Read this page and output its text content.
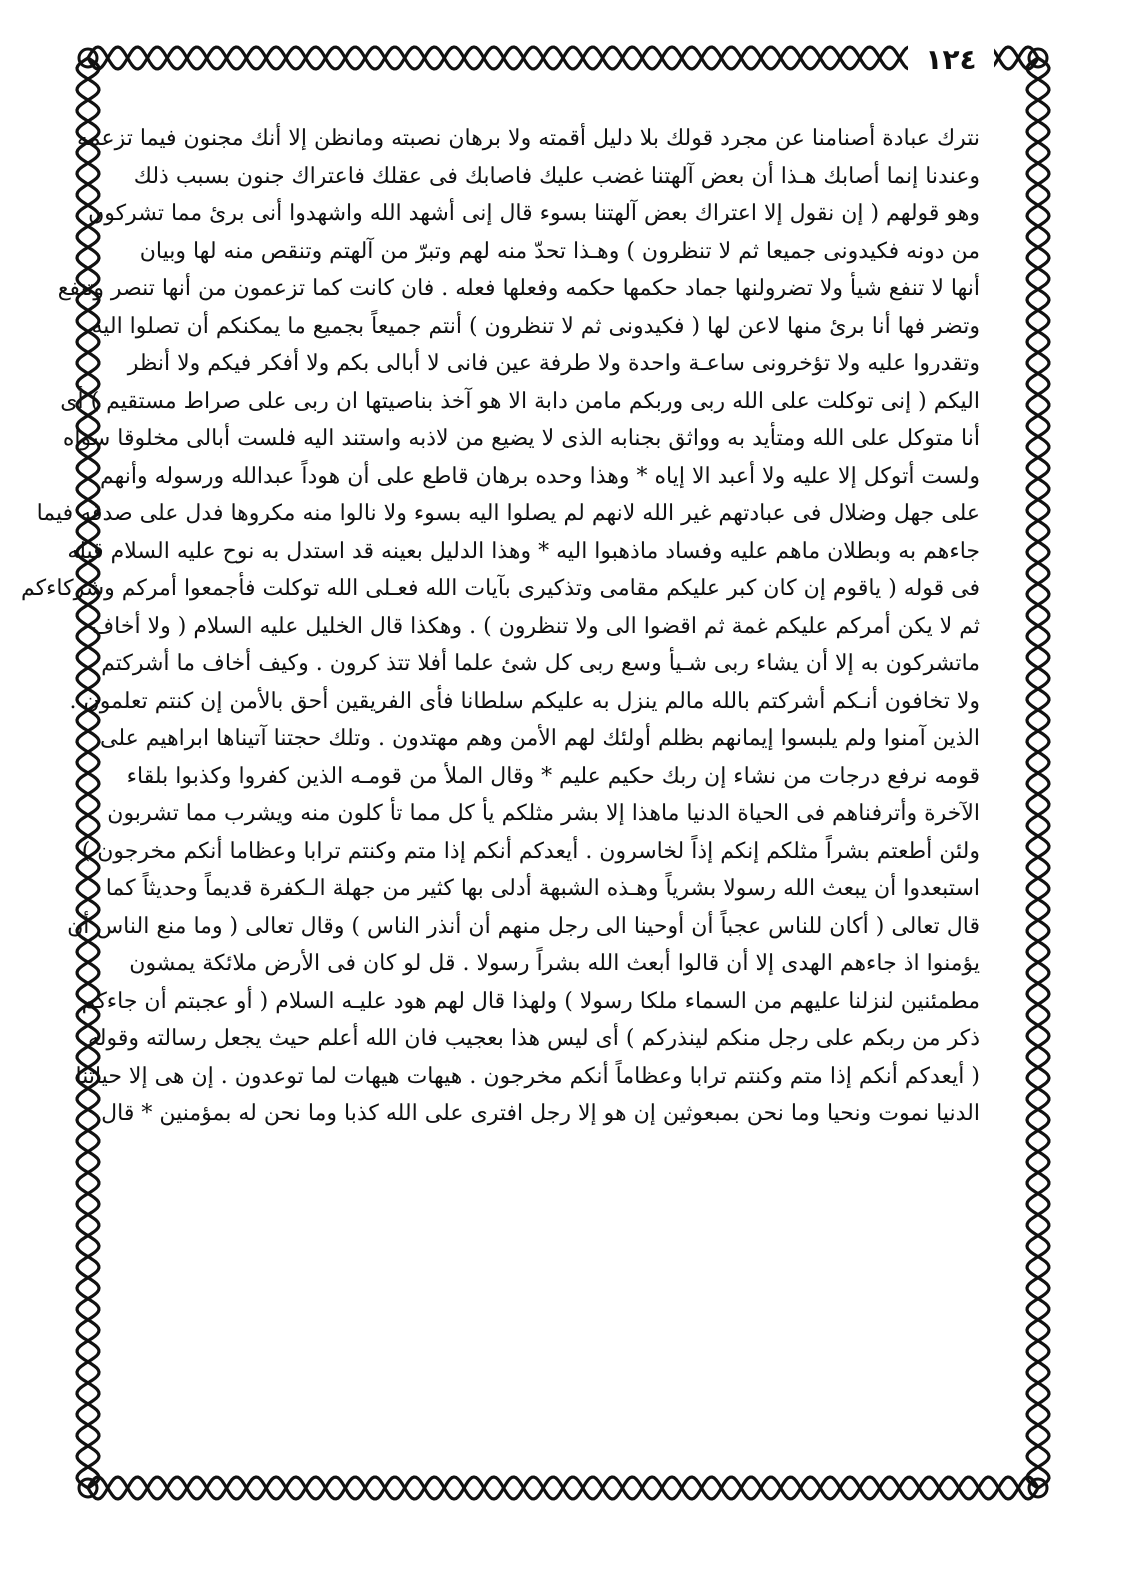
١٢٤
نترك عبادة أصنامنا عن مجرد قولك بلا دليل أقمته ولا برهان نصبته ومانظن إلا أنك مجنون فيما تزعمه
وعندنا إنما أصابك هـذا أن بعض آلهتنا غضب عليك فاصابك فى عقلك فاعتراك جنون بسبب ذلك
وهو قولهم ( إن نقول إلا اعتراك بعض آلهتنا بسوء قال إنى أشهد الله واشهدوا أنى برئ مما تشركون
من دونه فكيدونى جميعا ثم لا تنظرون ) وهـذا تحدّ منه لهم وتبرّ من آلهتم وتنقص منه لها وبيان
أنها لا تنفع شيأ ولا تضرولنها جماد حكمها حكمه وفعلها فعله . فان كانت كما تزعمون من أنها تنصر وتنفع
وتضر فها أنا برئ منها لاعن لها ( فكيدونى ثم لا تنظرون ) أنتم جميعاً بجميع ما يمكنكم أن تصلوا اليه
وتقدروا عليه ولا تؤخرونى ساعـة واحدة ولا طرفة عين فانى لا أبالى بكم ولا أفكر فيكم ولا أنظر
اليكم ( إنى توكلت على الله ربى وربكم مامن دابة الا هو آخذ بناصيتها ان ربى على صراط مستقيم ) أى
أنا متوكل على الله ومتأيد به وواثق بجنابه الذى لا يضيع من لاذبه واستند اليه فلست أبالى مخلوقا سواه
ولست أتوكل إلا عليه ولا أعبد الا إياه * وهذا وحده برهان قاطع على أن هوداً عبدالله ورسوله وأنهم
على جهل وضلال فى عبادتهم غير الله لانهم لم يصلوا اليه بسوء ولا نالوا منه مكروها فدل على صدقه فيما
جاءهم به وبطلان ماهم عليه وفساد ماذهبوا اليه * وهذا الدليل بعينه قد استدل به نوح عليه السلام قبله
فى قوله ( ياقوم إن كان كبر عليكم مقامى وتذكيرى بآيات الله فعـلى الله توكلت فأجمعوا أمركم وشركاءكم
ثم لا يكن أمركم عليكم غمة ثم اقضوا الى ولا تنظرون ) . وهكذا قال الخليل عليه السلام ( ولا أخاف
ماتشركون به إلا أن يشاء ربى شـيأ وسع ربى كل شئ علما أفلا تتذ كرون . وكيف أخاف ما أشركتم
ولا تخافون أنـكم أشركتم بالله مالم ينزل به عليكم سلطانا فأى الفريقين أحق بالأمن إن كنتم تعلمون .
الذين آمنوا ولم يلبسوا إيمانهم بظلم أولئك لهم الأمن وهم مهتدون . وتلك حجتنا آتيناها ابراهيم على
قومه نرفع درجات من نشاء إن ربك حكيم عليم * وقال الملأ من قومـه الذين كفروا وكذبوا بلقاء
الآخرة وأترفناهم فى الحياة الدنيا ماهذا إلا بشر مثلكم يأ كل مما تأ كلون منه ويشرب مما تشربون
ولئن أطعتم بشراً مثلكم إنكم إذاً لخاسرون . أيعدكم أنكم إذا متم وكنتم ترابا وعظاما أنكم مخرجون )
استبعدوا أن يبعث الله رسولا بشرياً وهـذه الشبهة أدلى بها كثير من جهلة الـكفرة قديماً وحديثاً كما
قال تعالى ( أكان للناس عجباً أن أوحينا الى رجل منهم أن أنذر الناس ) وقال تعالى ( وما منع الناس أن
يؤمنوا اذ جاءهم الهدى إلا أن قالوا أبعث الله بشراً رسولا . قل لو كان فى الأرض ملائكة يمشون
مطمئنين لنزلنا عليهم من السماء ملكا رسولا ) ولهذا قال لهم هود عليـه السلام ( أو عجبتم أن جاءكم
ذكر من ربكم على رجل منكم لينذركم ) أى ليس هذا بعجيب فان الله أعلم حيث يجعل رسالته وقوله
( أيعدكم أنكم إذا متم وكنتم ترابا وعظاماً أنكم مخرجون . هيهات هيهات لما توعدون . إن هى إلا حياتنا
الدنيا نموت ونحيا وما نحن بمبعوثين إن هو إلا رجل افترى على الله كذبا وما نحن له بمؤمنين * قال
